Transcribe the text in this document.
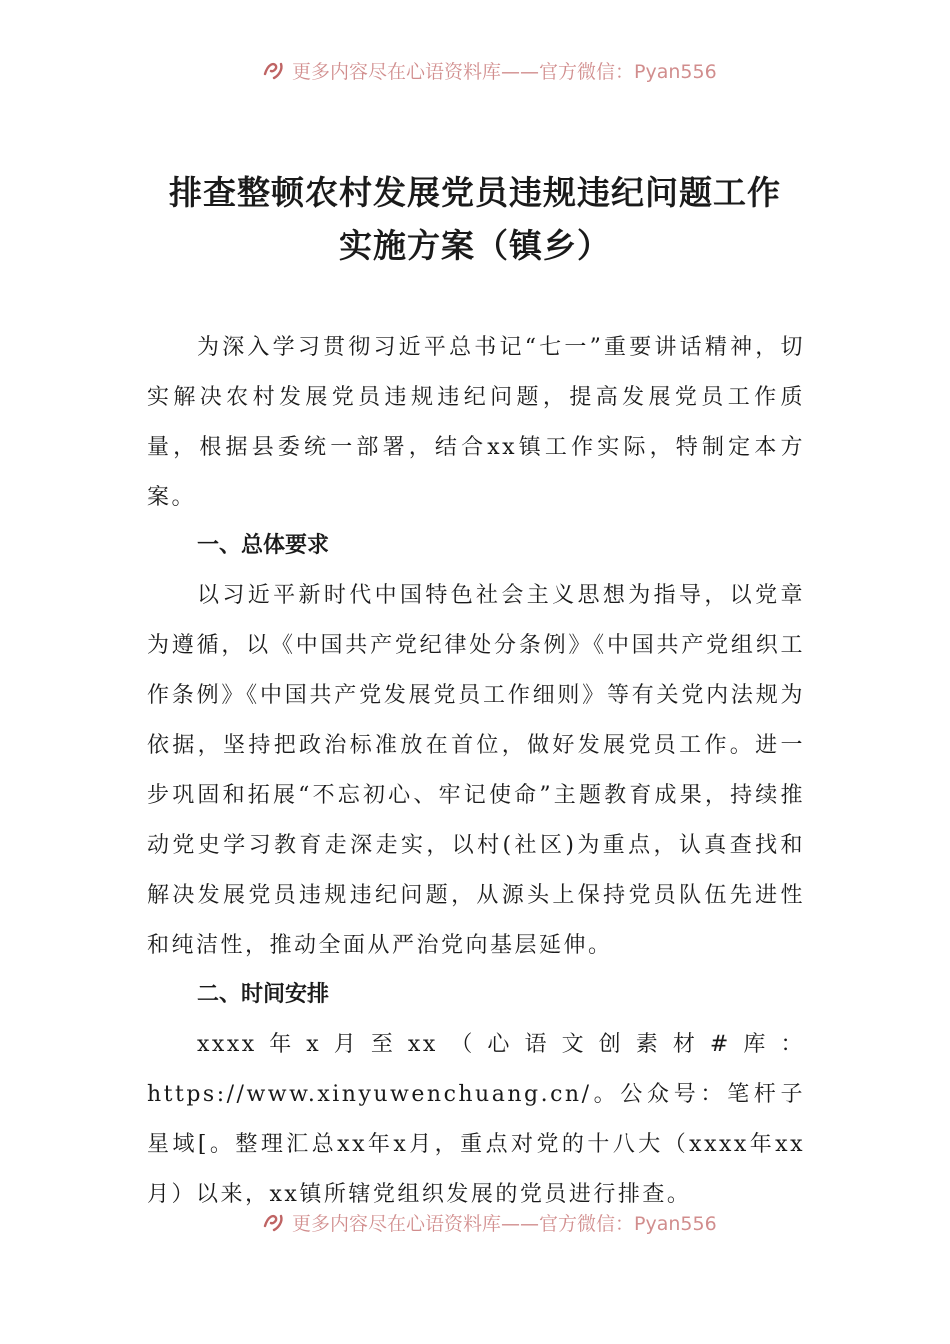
更多内容尽在心语资料库——官方微信：Pyan556
排查整顿农村发展党员违规违纪问题工作
实施方案（镇乡）

为深入学习贯彻习近平总书记“七一”重要讲话精神，切实解决农村发展党员违规违纪问题，提高发展党员工作质量，根据县委统一部署，结合xx镇工作实际，特制定本方案。

一、总体要求

以习近平新时代中国特色社会主义思想为指导，以党章为遵循，以《中国共产党纪律处分条例》《中国共产党组织工作条例》《中国共产党发展党员工作细则》等有关党内法规为依据，坚持把政治标准放在首位，做好发展党员工作。进一步巩固和拓展“不忘初心、牢记使命”主题教育成果，持续推动党史学习教育走深走实，以村(社区)为重点，认真查找和解决发展党员违规违纪问题，从源头上保持党员队伍先进性和纯洁性，推动全面从严治党向基层延伸。

二、时间安排

xxxx年x月至xx（心语文创素材#库：https://www.xinyuwenchuang.cn/。公众号：笔杆子星域[。整理汇总xx年x月，重点对党的十八大（xxxx年xx月）以来，xx镇所辖党组织发展的党员进行排查。

更多内容尽在心语资料库——官方微信：Pyan556
